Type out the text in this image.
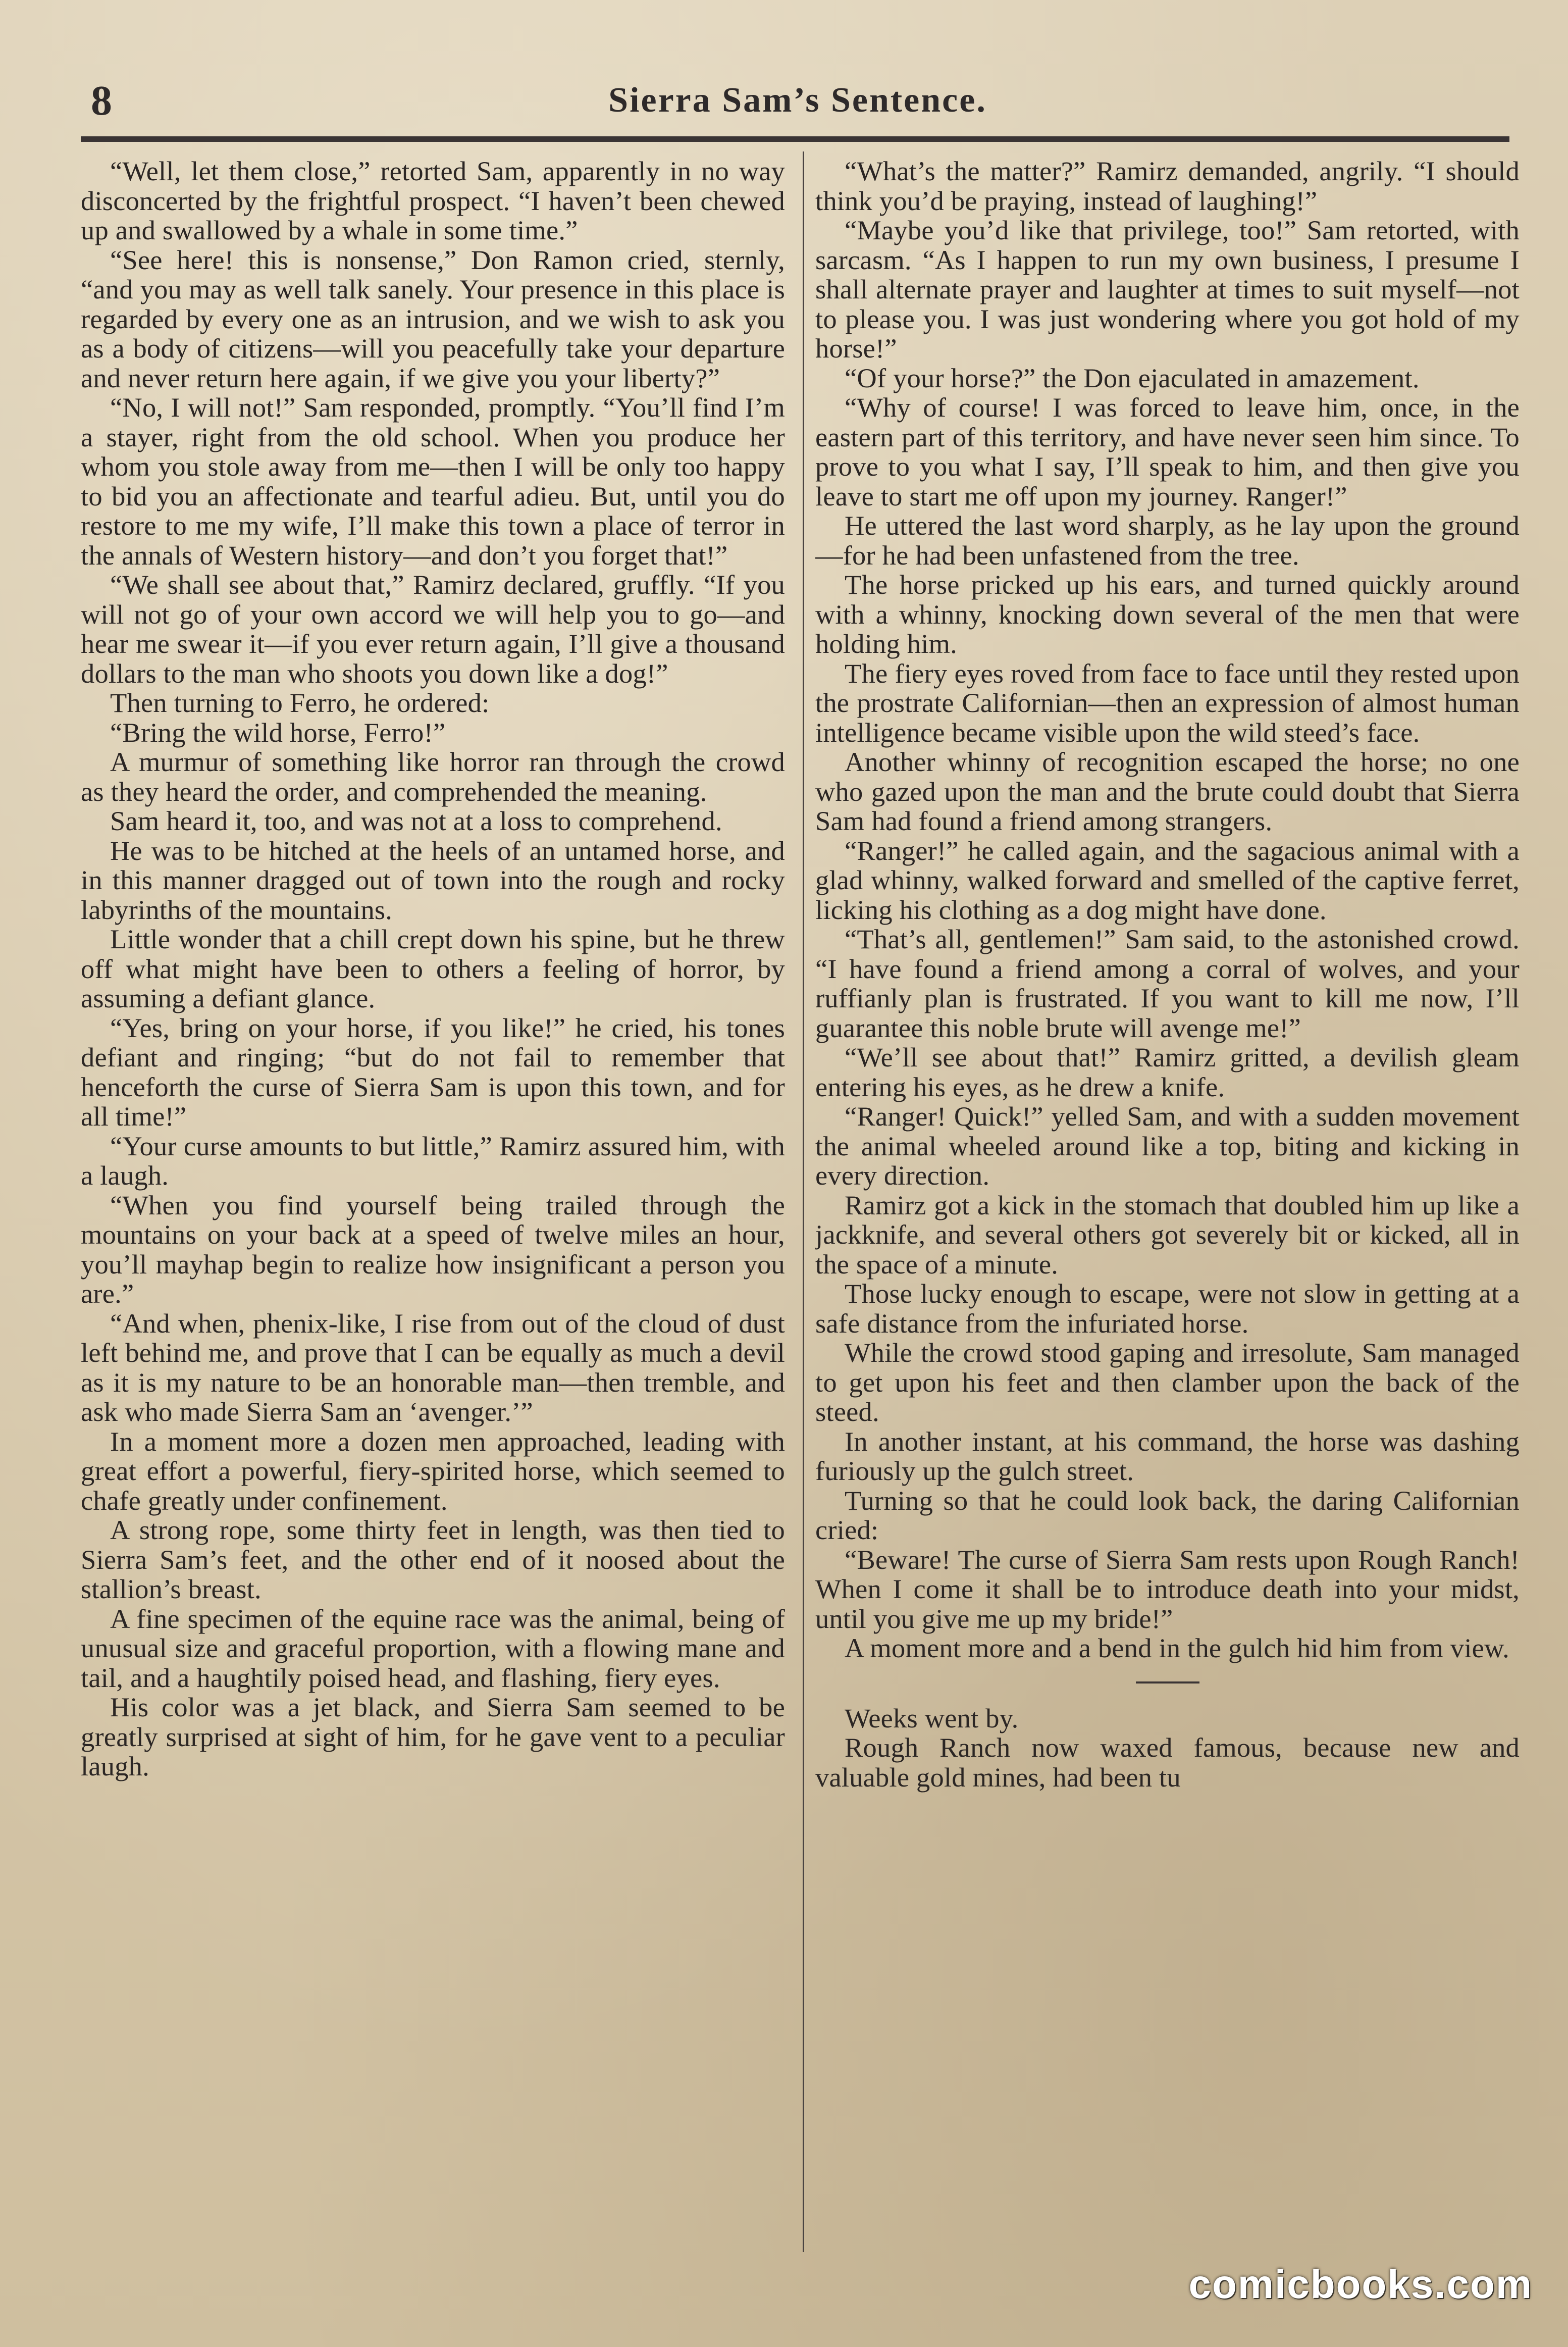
8	Sierra Sam’s Sentence.

“Well, let them close,” retorted Sam, apparently in no way disconcerted by the frightful prospect. “I haven’t been chewed up and swallowed by a whale in some time.”

“See here! this is nonsense,” Don Ramon cried, sternly, “and you may as well talk sanely. Your presence in this place is regarded by every one as an intrusion, and we wish to ask you as a body of citizens—will you peacefully take your departure and never return here again, if we give you your liberty?”

“No, I will not!” Sam responded, promptly. “You’ll find I’m a stayer, right from the old school. When you produce her whom you stole away from me—then I will be only too happy to bid you an affectionate and tearful adieu. But, until you do restore to me my wife, I’ll make this town a place of terror in the annals of Western history—and don’t you forget that!”

“We shall see about that,” Ramirz declared, gruffly. “If you will not go of your own accord we will help you to go—and hear me swear it—if you ever return again, I’ll give a thousand dollars to the man who shoots you down like a dog!”

Then turning to Ferro, he ordered:

“Bring the wild horse, Ferro!”

A murmur of something like horror ran through the crowd as they heard the order, and comprehended the meaning.

Sam heard it, too, and was not at a loss to comprehend.

He was to be hitched at the heels of an untamed horse, and in this manner dragged out of town into the rough and rocky labyrinths of the mountains.

Little wonder that a chill crept down his spine, but he threw off what might have been to others a feeling of horror, by assuming a defiant glance.

“Yes, bring on your horse, if you like!” he cried, his tones defiant and ringing; “but do not fail to remember that henceforth the curse of Sierra Sam is upon this town, and for all time!”

“Your curse amounts to but little,” Ramirz assured him, with a laugh.

“When you find yourself being trailed through the mountains on your back at a speed of twelve miles an hour, you’ll mayhap begin to realize how insignificant a person you are.”

“And when, phenix-like, I rise from out of the cloud of dust left behind me, and prove that I can be equally as much a devil as it is my nature to be an honorable man—then tremble, and ask who made Sierra Sam an ‘avenger.’”

In a moment more a dozen men approached, leading with great effort a powerful, fiery-spirited horse, which seemed to chafe greatly under confinement.

A strong rope, some thirty feet in length, was then tied to Sierra Sam’s feet, and the other end of it noosed about the stallion’s breast.

A fine specimen of the equine race was the animal, being of unusual size and graceful proportion, with a flowing mane and tail, and a haughtily poised head, and flashing, fiery eyes.

His color was a jet black, and Sierra Sam seemed to be greatly surprised at sight of him, for he gave vent to a peculiar laugh.

“What’s the matter?” Ramirz demanded, angrily. “I should think you’d be praying, instead of laughing!”

“Maybe you’d like that privilege, too!” Sam retorted, with sarcasm. “As I happen to run my own business, I presume I shall alternate prayer and laughter at times to suit myself—not to please you. I was just wondering where you got hold of my horse!”

“Of your horse?” the Don ejaculated in amazement.

“Why of course! I was forced to leave him, once, in the eastern part of this territory, and have never seen him since. To prove to you what I say, I’ll speak to him, and then give you leave to start me off upon my journey. Ranger!”

He uttered the last word sharply, as he lay upon the ground—for he had been unfastened from the tree.

The horse pricked up his ears, and turned quickly around with a whinny, knocking down several of the men that were holding him.

The fiery eyes roved from face to face until they rested upon the prostrate Californian—then an expression of almost human intelligence became visible upon the wild steed’s face.

Another whinny of recognition escaped the horse; no one who gazed upon the man and the brute could doubt that Sierra Sam had found a friend among strangers.

“Ranger!” he called again, and the sagacious animal with a glad whinny, walked forward and smelled of the captive ferret, licking his clothing as a dog might have done.

“That’s all, gentlemen!” Sam said, to the astonished crowd. “I have found a friend among a corral of wolves, and your ruffianly plan is frustrated. If you want to kill me now, I’ll guarantee this noble brute will avenge me!”

“We’ll see about that!” Ramirz gritted, a devilish gleam entering his eyes, as he drew a knife.

“Ranger! Quick!” yelled Sam, and with a sudden movement the animal wheeled around like a top, biting and kicking in every direction.

Ramirz got a kick in the stomach that doubled him up like a jackknife, and several others got severely bit or kicked, all in the space of a minute.

Those lucky enough to escape, were not slow in getting at a safe distance from the infuriated horse.

While the crowd stood gaping and irresolute, Sam managed to get upon his feet and then clamber upon the back of the steed.

In another instant, at his command, the horse was dashing furiously up the gulch street.

Turning so that he could look back, the daring Californian cried:

“Beware! The curse of Sierra Sam rests upon Rough Ranch! When I come it shall be to introduce death into your midst, until you give me up my bride!”

A moment more and a bend in the gulch hid him from view.

Weeks went by.

Rough Ranch now waxed famous, because new and valuable gold mines, had been tu

comicbooks.com
